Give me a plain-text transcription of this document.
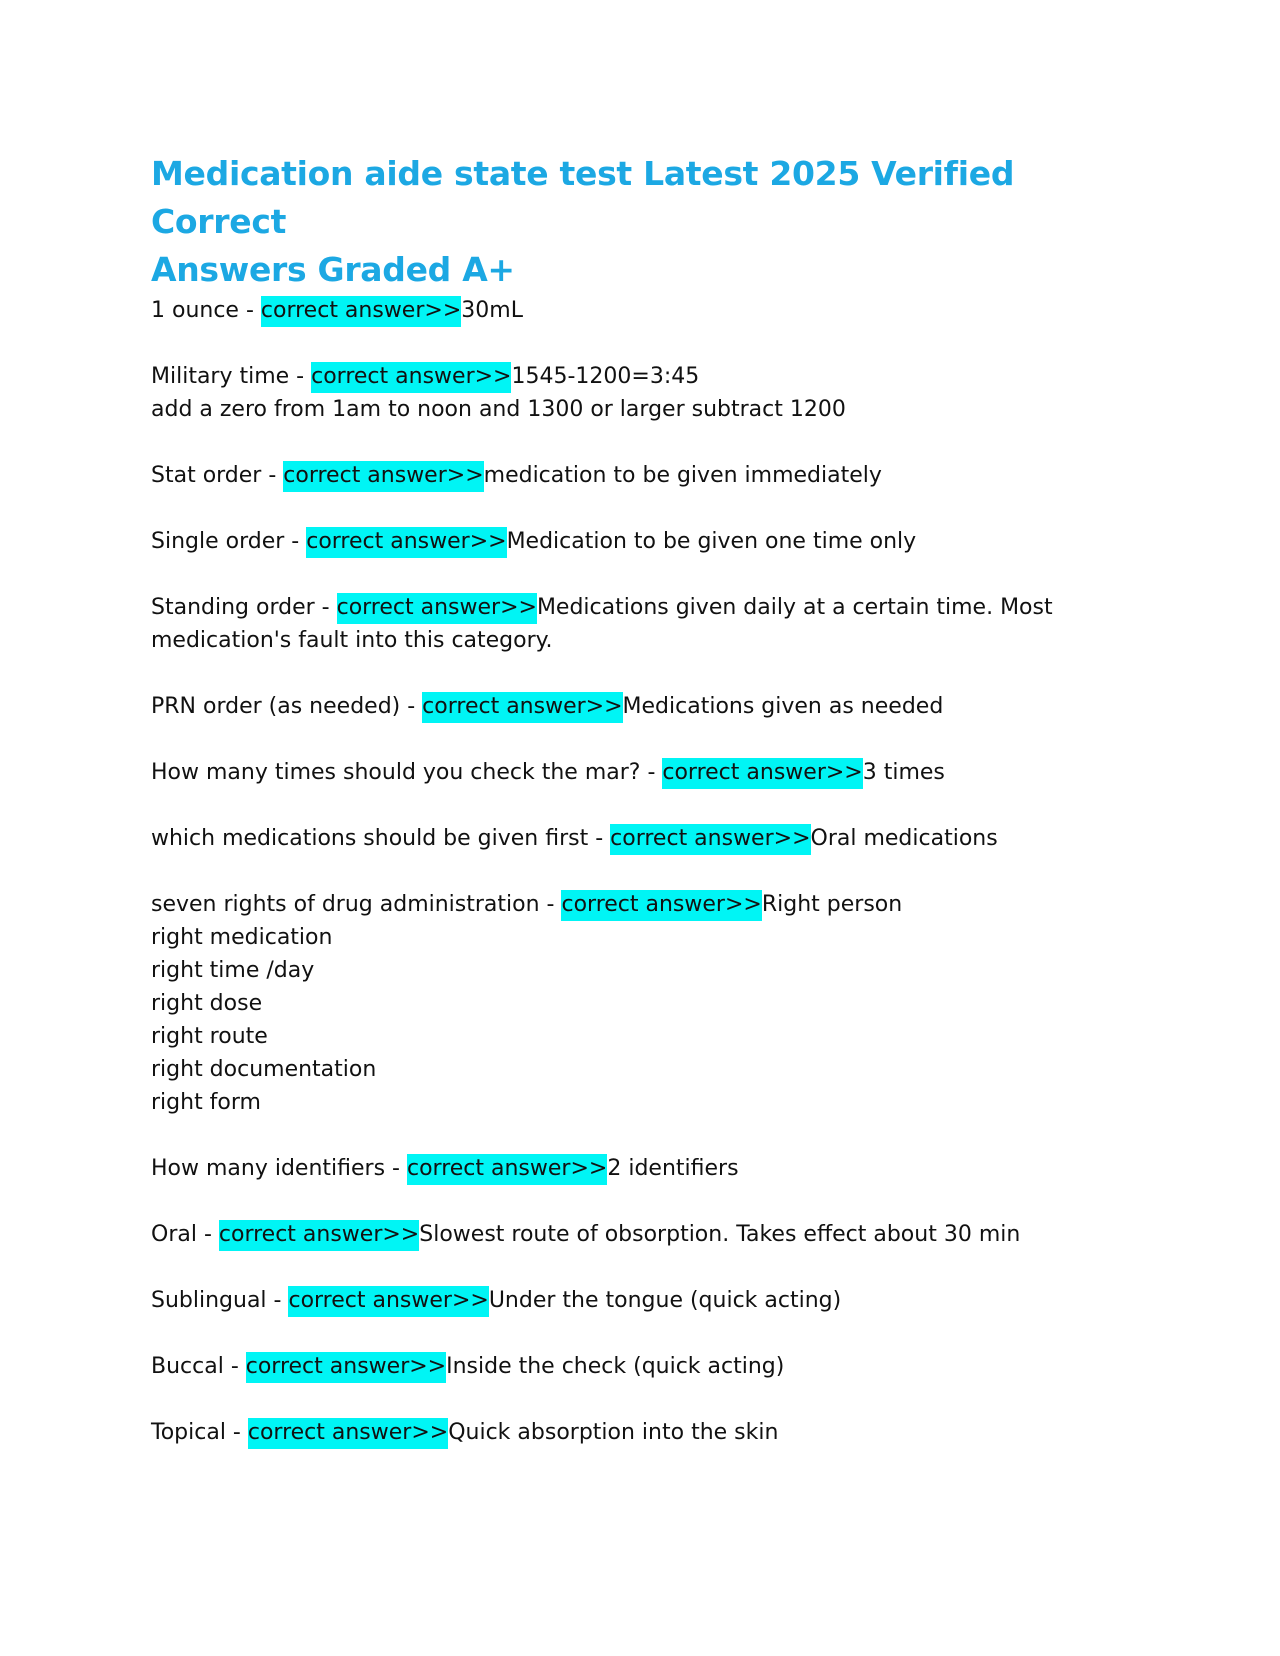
Medication aide state test Latest 2025 Verified Correct
Answers Graded A+
1 ounce - correct answer>>30mL
Military time - correct answer>>1545-1200=3:45
add a zero from 1am to noon and 1300 or larger subtract 1200
Stat order - correct answer>>medication to be given immediately
Single order - correct answer>>Medication to be given one time only
Standing order - correct answer>>Medications given daily at a certain time. Most
medication's fault into this category.
PRN order (as needed) - correct answer>>Medications given as needed
How many times should you check the mar? - correct answer>>3 times
which medications should be given first - correct answer>>Oral medications
seven rights of drug administration - correct answer>>Right person
right medication
right time /day
right dose
right route
right documentation
right form
How many identifiers - correct answer>>2 identifiers
Oral - correct answer>>Slowest route of obsorption. Takes effect about 30 min
Sublingual - correct answer>>Under the tongue (quick acting)
Buccal - correct answer>>Inside the check (quick acting)
Topical - correct answer>>Quick absorption into the skin
